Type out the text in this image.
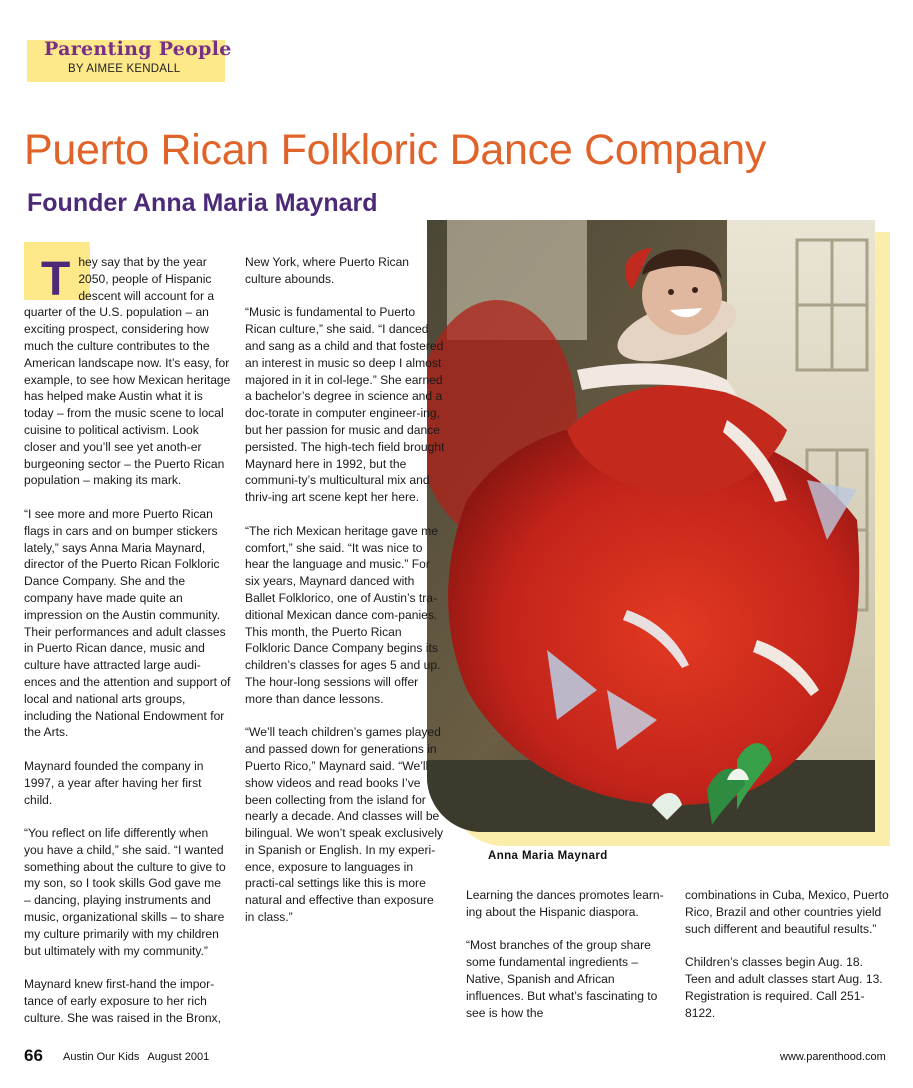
Parenting People
BY AIMEE KENDALL
Puerto Rican Folkloric Dance Company
Founder Anna Maria Maynard
Anna Maria Maynard

They say that by the year 2050, people of Hispanic descent will account for a quarter of the U.S. population – an exciting prospect, considering how much the culture contributes to the American landscape now. It’s easy, for example, to see how Mexican heritage has helped make Austin what it is today – from the music scene to local cuisine to political activism. Look closer and you’ll see yet anoth-er burgeoning sector – the Puerto Rican population – making its mark.

“I see more and more Puerto Rican flags in cars and on bumper stickers lately,” says Anna Maria Maynard, director of the Puerto Rican Folkloric Dance Company. She and the company have made quite an impression on the Austin community. Their performances and adult classes in Puerto Rican dance, music and culture have attracted large audi-ences and the attention and support of local and national arts groups, including the National Endowment for the Arts.

Maynard founded the company in 1997, a year after having her first child.

“You reflect on life differently when you have a child,” she said. “I wanted something about the culture to give to my son, so I took skills God gave me – dancing, playing instruments and music, organizational skills – to share my culture primarily with my children but ultimately with my community.”

Maynard knew first-hand the impor-tance of early exposure to her rich culture. She was raised in the Bronx,

New York, where Puerto Rican culture abounds.

“Music is fundamental to Puerto Rican culture,” she said. “I danced and sang as a child and that fostered an interest in music so deep I almost majored in it in col-lege.” She earned a bachelor’s degree in science and a doc-torate in computer engineer-ing, but her passion for music and dance persisted. The high-tech field brought Maynard here in 1992, but the communi-ty’s multicultural mix and thriv-ing art scene kept her here.

“The rich Mexican heritage gave me comfort,” she said. “It was nice to hear the language and music.” For six years, Maynard danced with Ballet Folklorico, one of Austin’s tra-ditional Mexican dance com-panies. This month, the Puerto Rican Folkloric Dance Company begins its children’s classes for ages 5 and up. The hour-long sessions will offer more than dance lessons.

“We’ll teach children’s games played and passed down for generations in Puerto Rico,” Maynard said. “We’ll show videos and read books I’ve been collecting from the island for nearly a decade. And classes will be bilingual. We won’t speak exclusively in Spanish or English. In my experi-ence, exposure to languages in practi-cal settings like this is more natural and effective than exposure in class.”

Learning the dances promotes learn-ing about the Hispanic diaspora.

“Most branches of the group share some fundamental ingredients – Native, Spanish and African influences. But what’s fascinating to see is how the

combinations in Cuba, Mexico, Puerto Rico, Brazil and other countries yield such different and beautiful results.”

Children’s classes begin Aug. 18. Teen and adult classes start Aug. 13. Registration is required. Call 251-8122.

66 Austin Our Kids August 2001	www.parenthood.com
